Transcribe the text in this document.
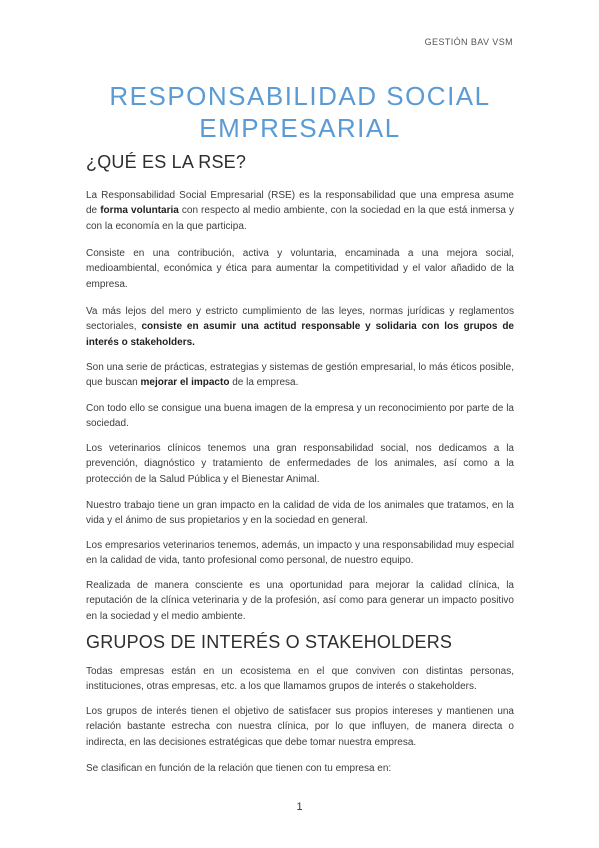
GESTIÓN BAV VSM
RESPONSABILIDAD SOCIAL
EMPRESARIAL
¿QUÉ ES LA RSE?
La Responsabilidad Social Empresarial (RSE) es la responsabilidad que una empresa asume de forma voluntaria con respecto al medio ambiente, con la sociedad en la que está inmersa y con la economía en la que participa.
Consiste en una contribución, activa y voluntaria, encaminada a una mejora social, medioambiental, económica y ética para aumentar la competitividad y el valor añadido de la empresa.
Va más lejos del mero y estricto cumplimiento de las leyes, normas jurídicas y reglamentos sectoriales, consiste en asumir una actitud responsable y solidaria con los grupos de interés o stakeholders.
Son una serie de prácticas, estrategias y sistemas de gestión empresarial, lo más éticos posible, que buscan mejorar el impacto de la empresa.
Con todo ello se consigue una buena imagen de la empresa y un reconocimiento por parte de la sociedad.
Los veterinarios clínicos tenemos una gran responsabilidad social, nos dedicamos a la prevención, diagnóstico y tratamiento de enfermedades de los animales, así como a la protección de la Salud Pública y el Bienestar Animal.
Nuestro trabajo tiene un gran impacto en la calidad de vida de los animales que tratamos, en la vida y el ánimo de sus propietarios y en la sociedad en general.
Los empresarios veterinarios tenemos, además, un impacto y una responsabilidad muy especial en la calidad de vida, tanto profesional como personal, de nuestro equipo.
Realizada de manera consciente es una oportunidad para mejorar la calidad clínica, la reputación de la clínica veterinaria y de la profesión, así como para generar un impacto positivo en la sociedad y el medio ambiente.
GRUPOS DE INTERÉS O STAKEHOLDERS
Todas empresas están en un ecosistema en el que conviven con distintas personas, instituciones, otras empresas, etc. a los que llamamos grupos de interés o stakeholders.
Los grupos de interés tienen el objetivo de satisfacer sus propios intereses y mantienen una relación bastante estrecha con nuestra clínica, por lo que influyen, de manera directa o indirecta, en las decisiones estratégicas que debe tomar nuestra empresa.
Se clasifican en función de la relación que tienen con tu empresa en:
1
